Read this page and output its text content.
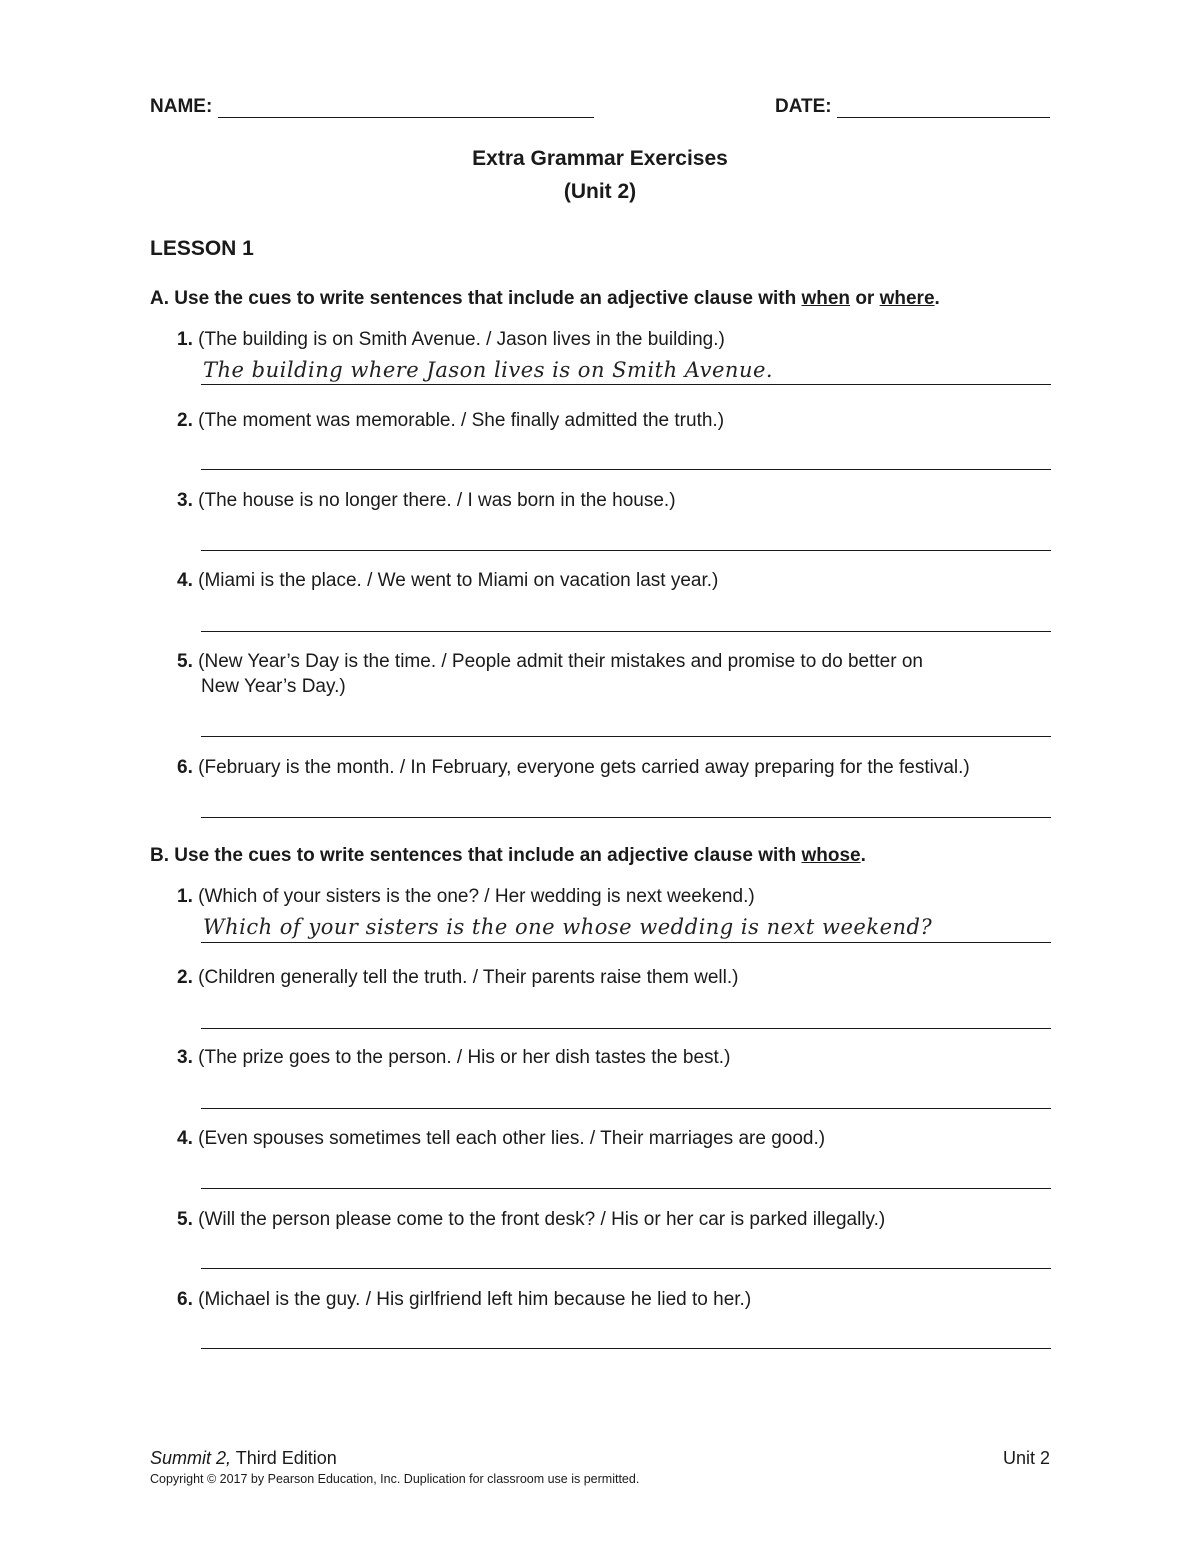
NAME:	DATE:
Extra Grammar Exercises
(Unit 2)
LESSON 1
A. Use the cues to write sentences that include an adjective clause with when or where.
1. (The building is on Smith Avenue. / Jason lives in the building.)
The building where Jason lives is on Smith Avenue.
2. (The moment was memorable. / She finally admitted the truth.)
3. (The house is no longer there. / I was born in the house.)
4. (Miami is the place. / We went to Miami on vacation last year.)
5. (New Year’s Day is the time. / People admit their mistakes and promise to do better on
New Year’s Day.)
6. (February is the month. / In February, everyone gets carried away preparing for the festival.)
B. Use the cues to write sentences that include an adjective clause with whose.
1. (Which of your sisters is the one? / Her wedding is next weekend.)
Which of your sisters is the one whose wedding is next weekend?
2. (Children generally tell the truth. / Their parents raise them well.)
3. (The prize goes to the person. / His or her dish tastes the best.)
4. (Even spouses sometimes tell each other lies. / Their marriages are good.)
5. (Will the person please come to the front desk? / His or her car is parked illegally.)
6. (Michael is the guy. / His girlfriend left him because he lied to her.)
Summit 2, Third Edition	Unit 2
Copyright © 2017 by Pearson Education, Inc. Duplication for classroom use is permitted.
